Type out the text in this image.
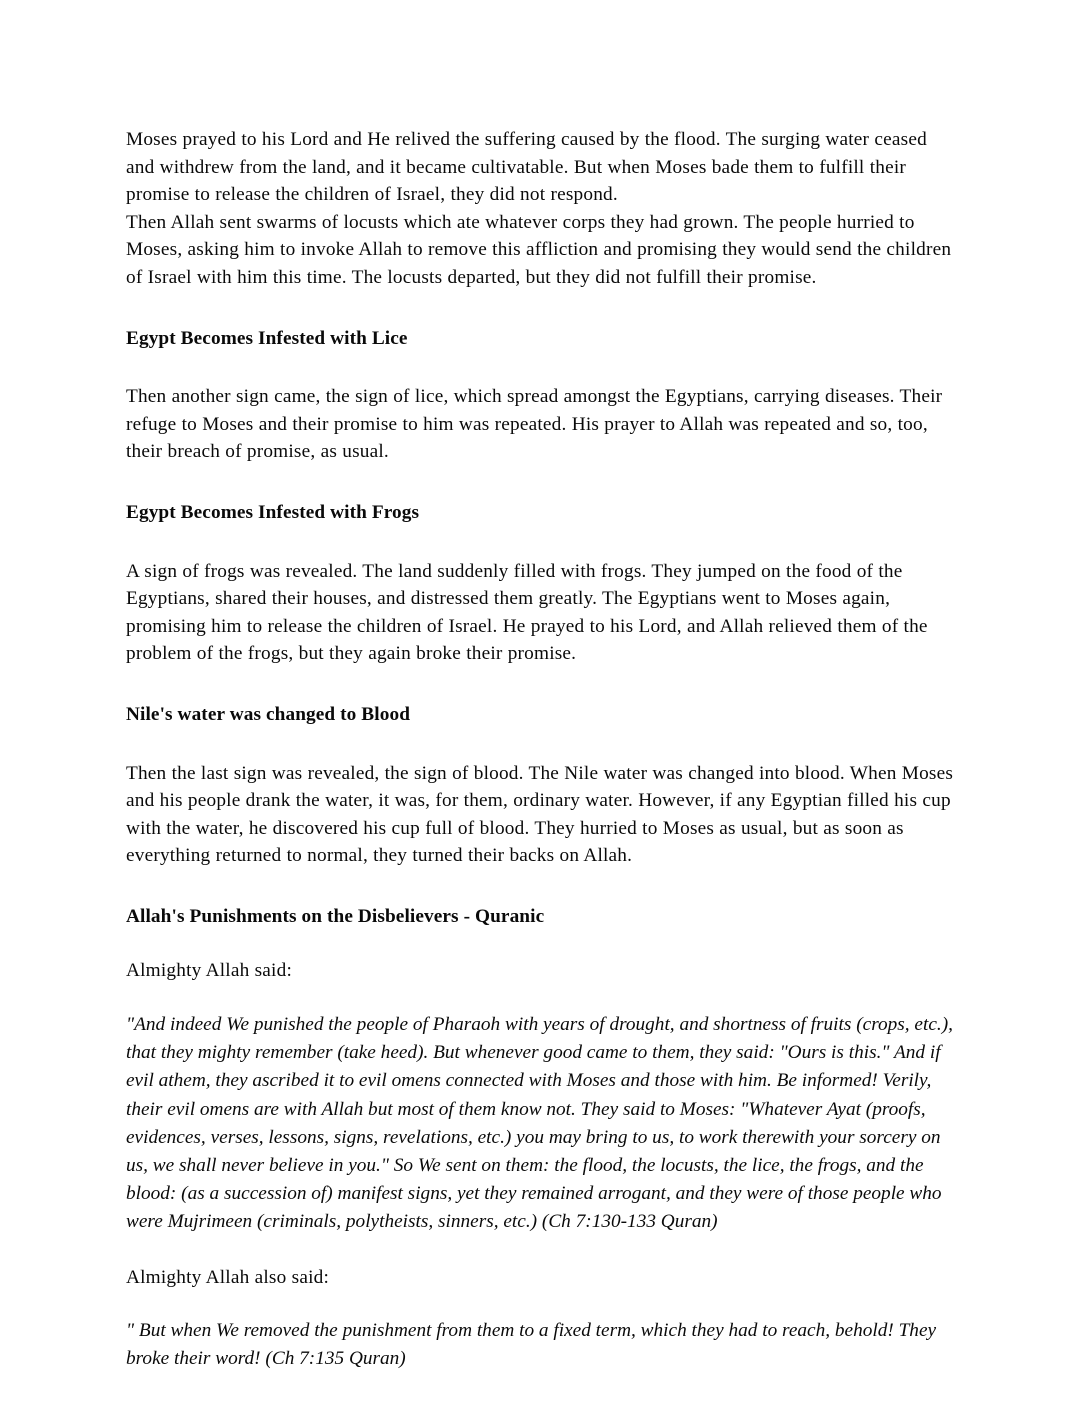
Moses prayed to his Lord and He relived the suffering caused by the flood. The surging water ceased and withdrew from the land, and it became cultivatable. But when Moses bade them to fulfill their promise to release the children of Israel, they did not respond.

Then Allah sent swarms of locusts which ate whatever corps they had grown. The people hurried to Moses, asking him to invoke Allah to remove this affliction and promising they would send the children of Israel with him this time. The locusts departed, but they did not fulfill their promise.

Egypt Becomes Infested with Lice

Then another sign came, the sign of lice, which spread amongst the Egyptians, carrying diseases. Their refuge to Moses and their promise to him was repeated. His prayer to Allah was repeated and so, too, their breach of promise, as usual.

Egypt Becomes Infested with Frogs

A sign of frogs was revealed. The land suddenly filled with frogs. They jumped on the food of the Egyptians, shared their houses, and distressed them greatly. The Egyptians went to Moses again, promising him to release the children of Israel. He prayed to his Lord, and Allah relieved them of the problem of the frogs, but they again broke their promise.

Nile's water was changed to Blood

Then the last sign was revealed, the sign of blood. The Nile water was changed into blood. When Moses and his people drank the water, it was, for them, ordinary water. However, if any Egyptian filled his cup with the water, he discovered his cup full of blood. They hurried to Moses as usual, but as soon as everything returned to normal, they turned their backs on Allah.

Allah's Punishments on the Disbelievers - Quranic

Almighty Allah said:

"And indeed We punished the people of Pharaoh with years of drought, and shortness of fruits (crops, etc.), that they mighty remember (take heed). But whenever good came to them, they said: "Ours is this." And if evil athem, they ascribed it to evil omens connected with Moses and those with him. Be informed! Verily, their evil omens are with Allah but most of them know not. They said to Moses: "Whatever Ayat (proofs, evidences, verses, lessons, signs, revelations, etc.) you may bring to us, to work therewith your sorcery on us, we shall never believe in you." So We sent on them: the flood, the locusts, the lice, the frogs, and the blood: (as a succession of) manifest signs, yet they remained arrogant, and they were of those people who were Mujrimeen (criminals, polytheists, sinners, etc.) (Ch 7:130-133 Quran)

Almighty Allah also said:

" But when We removed the punishment from them to a fixed term, which they had to reach, behold! They broke their word! (Ch 7:135 Quran)
